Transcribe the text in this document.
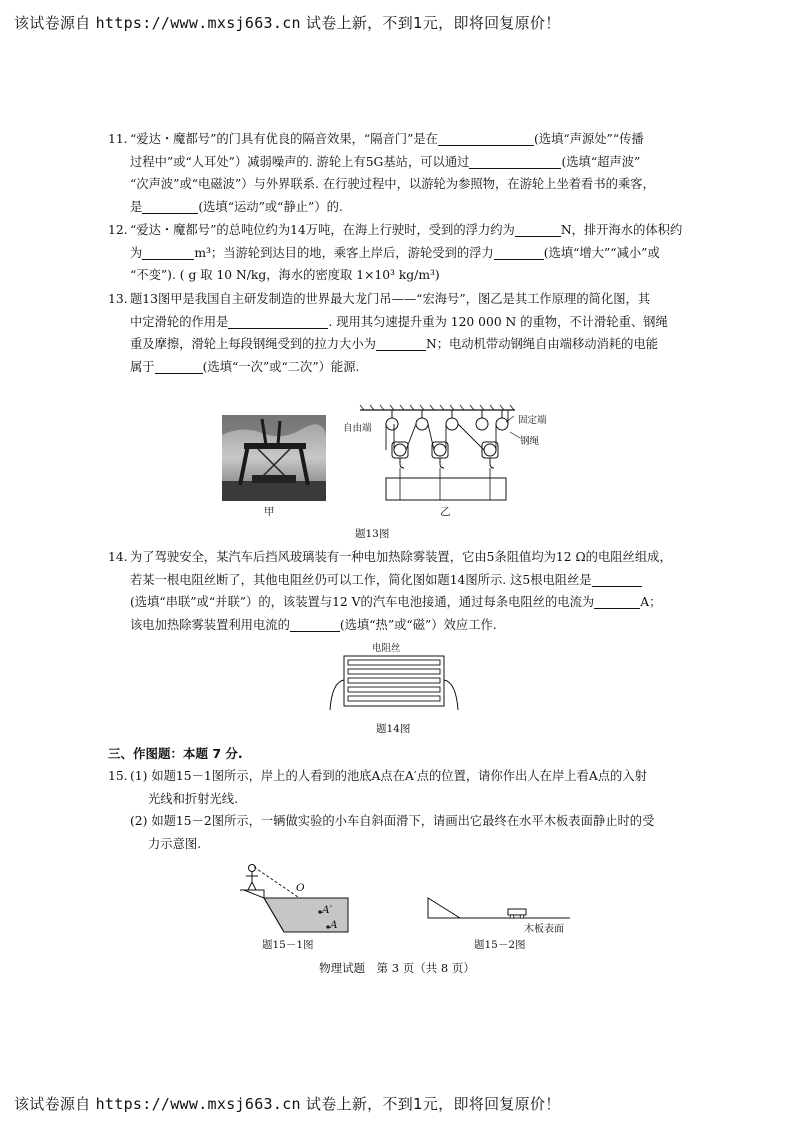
该试卷源自 https://www.mxsj663.cn 试卷上新，不到1元，即将回复原价！
11. “爱达・魔都号”的门具有优良的隔音效果，“隔音门”是在	(选填“声源处”“传播
过程中”或“人耳处”）减弱噪声的. 游轮上有5G基站，可以通过	(选填“超声波”
“次声波”或“电磁波”）与外界联系. 在行驶过程中，以游轮为参照物，在游轮上坐着看书的乘客，
是	(选填“运动”或“静止”）的.
12. “爱达・魔都号”的总吨位约为14万吨，在海上行驶时，受到的浮力约为	N，排开海水的体积约
为	m³；当游轮到达目的地，乘客上岸后，游轮受到的浮力	(选填“增大”“减小”或
“不变”). ( g 取 10 N/kg，海水的密度取 1×10³ kg/m³)
13. 题13图甲是我国自主研发制造的世界最大龙门吊——“宏海号”，图乙是其工作原理的简化图，其
中定滑轮的作用是	. 现用其匀速提升重为 120 000 N 的重物，不计滑轮重、钢绳
重及摩擦，滑轮上每段钢绳受到的拉力大小为	N；电动机带动钢绳自由端移动消耗的电能
属于	(选填“一次”或“二次”）能源.
甲
自由端
固定端
钢绳
乙
题13图
14. 为了驾驶安全，某汽车后挡风玻璃装有一种电加热除雾装置，它由5条阻值均为12 Ω的电阻丝组成，
若某一根电阻丝断了，其他电阻丝仍可以工作，简化图如题14图所示. 这5根电阻丝是
(选填“串联”或“并联”）的，该装置与12 V的汽车电池接通，通过每条电阻丝的电流为	A；
该电加热除雾装置利用电流的	(选填“热”或“磁”）效应工作.
电阻丝
题14图
三、作图题：本题 7 分.
15. (1) 如题15－1图所示，岸上的人看到的池底A点在A′点的位置，请你作出人在岸上看A点的入射
光线和折射光线.
(2) 如题15－2图所示，一辆做实验的小车自斜面滑下，请画出它最终在水平木板表面静止时的受
力示意图.
O
A′
A
题15－1图
木板表面
题15－2图
物理试题　第 3 页（共 8 页）
该试卷源自 https://www.mxsj663.cn 试卷上新，不到1元，即将回复原价！
